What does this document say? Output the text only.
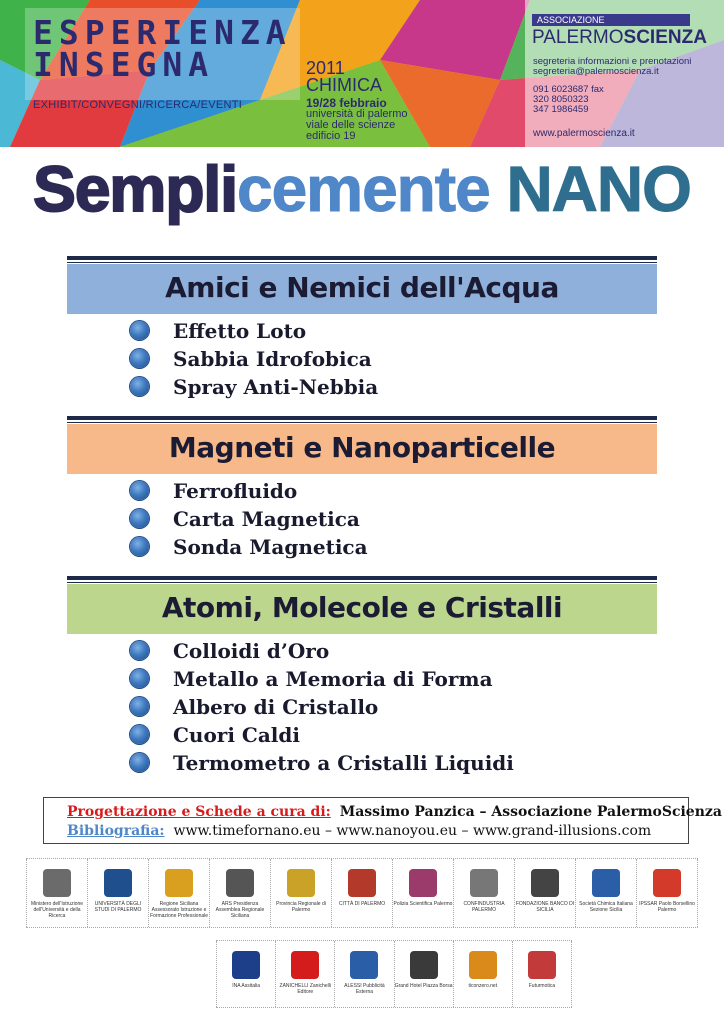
ESPERIENZA
INSEGNA
EXHIBIT/CONVEGNI/RICERCA/EVENTI
2011
CHIMICA
19/28 febbraio
università di palermo
viale delle scienze
edificio 19
ASSOCIAZIONE
PALERMOSCIENZA
segreteria informazioni e prenotazioni
segreteria@palermoscienza.it
091 6023687 fax
320 8050323
347 1986459
www.palermoscienza.it
Semplicemente NANO
Amici e Nemici dell'Acqua
Effetto Loto
Sabbia Idrofobica
Spray Anti-Nebbia
Magneti e Nanoparticelle
Ferrofluido
Carta Magnetica
Sonda Magnetica
Atomi, Molecole e Cristalli
Colloidi d’Oro
Metallo a Memoria di Forma
Albero di Cristallo
Cuori Caldi
Termometro a Cristalli Liquidi
Progettazione e Schede a cura di: Massimo Panzica – Associazione PalermoScienza
Bibliografia: www.timefornano.eu – www.nanoyou.eu – www.grand-illusions.com
Ministero dell'Istruzione dell'Università e della Ricerca
UNIVERSITÀ DEGLI STUDI DI PALERMO
Regione Siciliana Assessorato Istruzione e Formazione Professionale
ARS Presidenza Assemblea Regionale Siciliana
Provincia Regionale di Palermo
CITTÀ DI PALERMO	Polizia Scientifica Palermo	CONFINDUSTRIA PALERMO
FONDAZIONE BANCO DI SICILIA
Società Chimica Italiana Sezione Sicilia
IPSSAR Paolo Borsellino Palermo
INA Assitalia	ZANICHELLI Zanichelli Editore
ALESSI Pubblicità Esterna
Grand Hotel Piazza Borsa	ticonzero.net	Futurmotica
